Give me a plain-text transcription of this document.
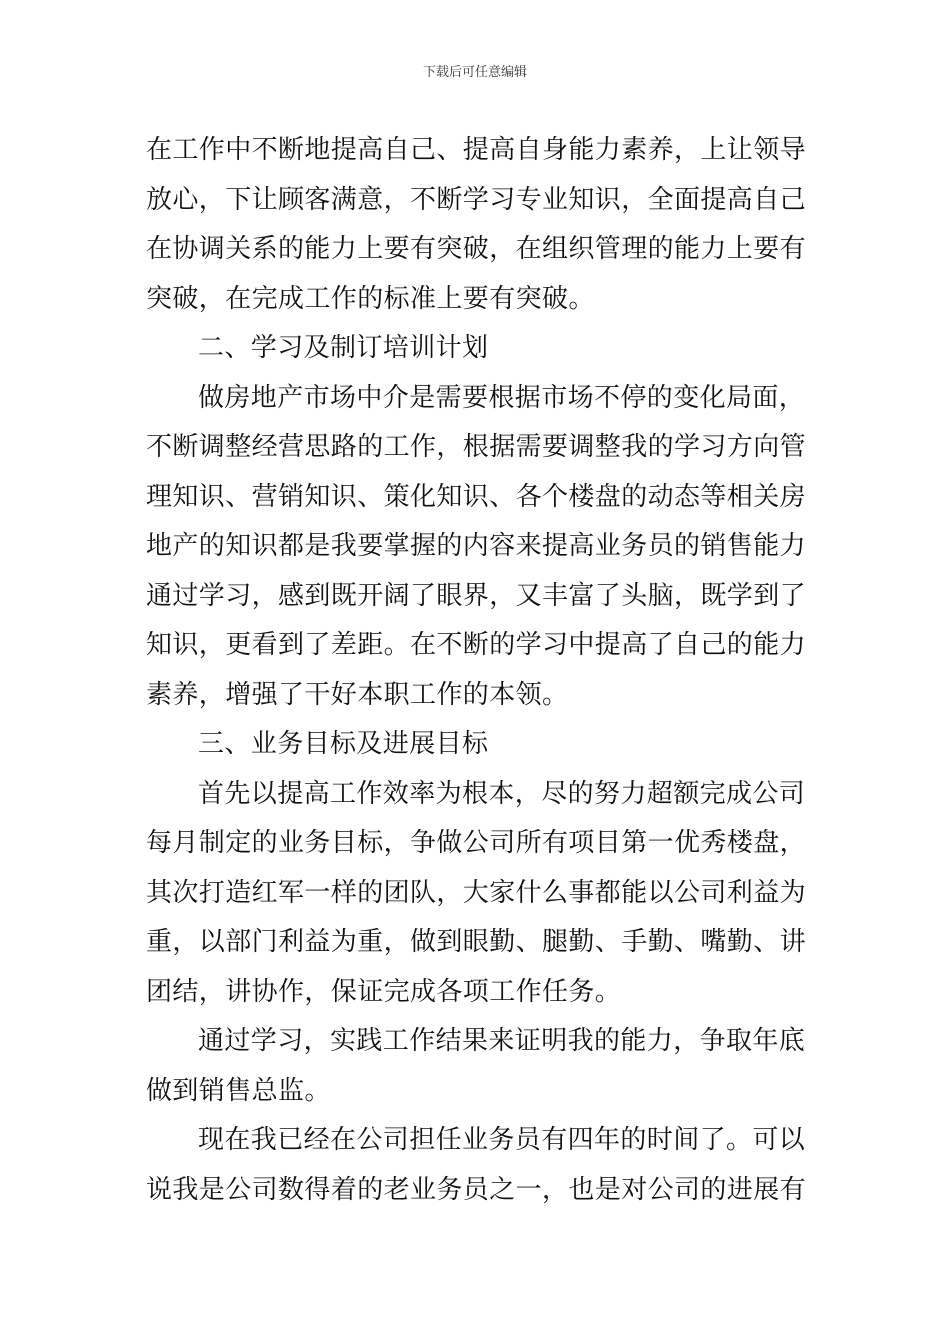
下载后可任意编辑
在工作中不断地提高自己、提高自身能力素养，上让领导
放心，下让顾客满意，不断学习专业知识，全面提高自己
在协调关系的能力上要有突破，在组织管理的能力上要有
突破，在完成工作的标准上要有突破。
二、学习及制订培训计划
做房地产市场中介是需要根据市场不停的变化局面，
不断调整经营思路的工作，根据需要调整我的学习方向管
理知识、营销知识、策化知识、各个楼盘的动态等相关房
地产的知识都是我要掌握的内容来提高业务员的销售能力
通过学习，感到既开阔了眼界，又丰富了头脑，既学到了
知识，更看到了差距。在不断的学习中提高了自己的能力
素养，增强了干好本职工作的本领。
三、业务目标及进展目标
首先以提高工作效率为根本，尽的努力超额完成公司
每月制定的业务目标，争做公司所有项目第一优秀楼盘，
其次打造红军一样的团队，大家什么事都能以公司利益为
重，以部门利益为重，做到眼勤、腿勤、手勤、嘴勤、讲
团结，讲协作，保证完成各项工作任务。
通过学习，实践工作结果来证明我的能力，争取年底
做到销售总监。
现在我已经在公司担任业务员有四年的时间了。可以
说我是公司数得着的老业务员之一，也是对公司的进展有
